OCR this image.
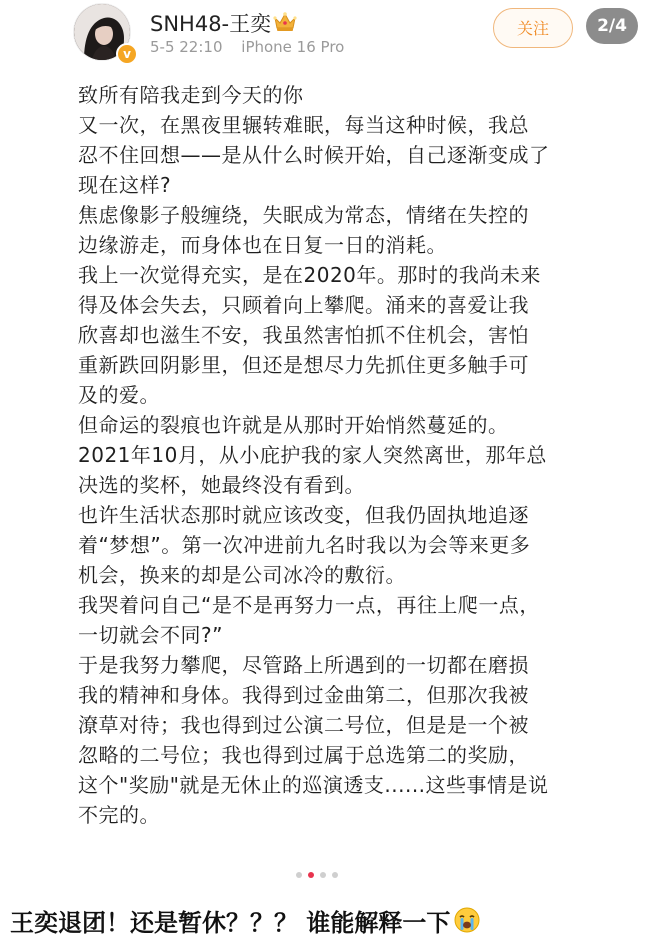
v
SNH48-王奕
5-5 22:10 iPhone 16 Pro
关注	2/4
致所有陪我走到今天的你
又一次，在黑夜里辗转难眠，每当这种时候，我总
忍不住回想——是从什么时候开始，自己逐渐变成了
现在这样?
焦虑像影子般缠绕，失眠成为常态，情绪在失控的
边缘游走，而身体也在日复一日的消耗。
我上一次觉得充实，是在2020年。那时的我尚未来
得及体会失去，只顾着向上攀爬。涌来的喜爱让我
欣喜却也滋生不安，我虽然害怕抓不住机会，害怕
重新跌回阴影里，但还是想尽力先抓住更多触手可
及的爱。
但命运的裂痕也许就是从那时开始悄然蔓延的。
2021年10月，从小庇护我的家人突然离世，那年总
决选的奖杯，她最终没有看到。
也许生活状态那时就应该改变，但我仍固执地追逐
着“梦想”。第一次冲进前九名时我以为会等来更多
机会，换来的却是公司冰冷的敷衍。
我哭着问自己“是不是再努力一点，再往上爬一点，
一切就会不同?”
于是我努力攀爬，尽管路上所遇到的一切都在磨损
我的精神和身体。我得到过金曲第二，但那次我被
潦草对待；我也得到过公演二号位，但是是一个被
忽略的二号位；我也得到过属于总选第二的奖励，
这个"奖励"就是无休止的巡演透支......这些事情是说
不完的。
王奕退团！还是暂休？？？ 谁能解释一下
